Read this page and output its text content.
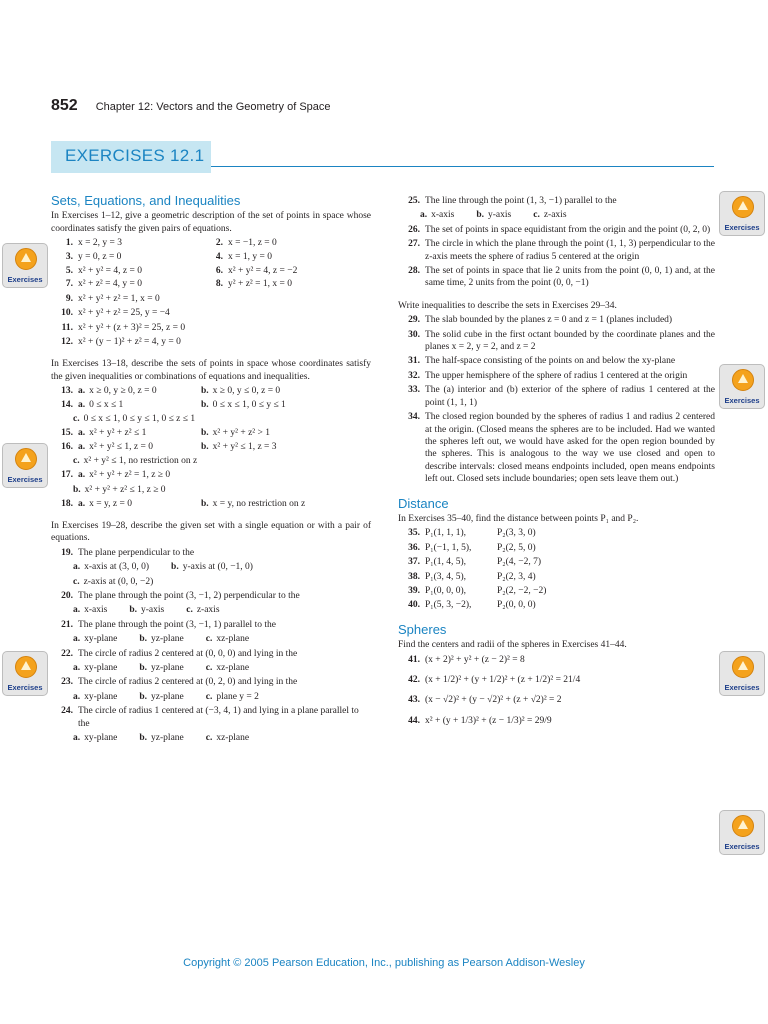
852 Chapter 12: Vectors and the Geometry of Space
EXERCISES 12.1
Exercises
Exercises
Exercises
Exercises
Exercises
Exercises
Exercises
Sets, Equations, and Inequalities
In Exercises 1–12, give a geometric description of the set of points in space whose coordinates satisfy the given pairs of equations.
1. x = 2, y = 3	2. x = −1, z = 0
3. y = 0, z = 0	4. x = 1, y = 0
5. x² + y² = 4, z = 0	6. x² + y² = 4, z = −2
7. x² + z² = 4, y = 0	8. y² + z² = 1, x = 0
9. x² + y² + z² = 1, x = 0
10. x² + y² + z² = 25, y = −4
11. x² + y² + (z + 3)² = 25, z = 0
12. x² + (y − 1)² + z² = 4, y = 0
In Exercises 13–18, describe the sets of points in space whose coordinates satisfy the given inequalities or combinations of equations and inequalities.
13. a. x ≥ 0, y ≥ 0, z = 0	b. x ≥ 0, y ≤ 0, z = 0
14. a. 0 ≤ x ≤ 1	b. 0 ≤ x ≤ 1, 0 ≤ y ≤ 1
c. 0 ≤ x ≤ 1, 0 ≤ y ≤ 1, 0 ≤ z ≤ 1
15. a. x² + y² + z² ≤ 1	b. x² + y² + z² > 1
16. a. x² + y² ≤ 1, z = 0	b. x² + y² ≤ 1, z = 3
c. x² + y² ≤ 1, no restriction on z
17. a. x² + y² + z² = 1, z ≥ 0
b. x² + y² + z² ≤ 1, z ≥ 0
18. a. x = y, z = 0	b. x = y, no restriction on z
In Exercises 19–28, describe the given set with a single equation or with a pair of equations.
19. The plane perpendicular to the
a. x-axis at (3, 0, 0) b. y-axis at (0, −1, 0)
c. z-axis at (0, 0, −2)
20. The plane through the point (3, −1, 2) perpendicular to the
a. x-axis b. y-axis c. z-axis
21. The plane through the point (3, −1, 1) parallel to the
a. xy-plane b. yz-plane c. xz-plane
22. The circle of radius 2 centered at (0, 0, 0) and lying in the
a. xy-plane b. yz-plane c. xz-plane
23. The circle of radius 2 centered at (0, 2, 0) and lying in the
a. xy-plane b. yz-plane c. plane y = 2
24. The circle of radius 1 centered at (−3, 4, 1) and lying in a plane parallel to the
a. xy-plane b. yz-plane c. xz-plane
25. The line through the point (1, 3, −1) parallel to the
a. x-axis b. y-axis c. z-axis
26. The set of points in space equidistant from the origin and the point (0, 2, 0)
27. The circle in which the plane through the point (1, 1, 3) perpendicular to the z-axis meets the sphere of radius 5 centered at the origin
28. The set of points in space that lie 2 units from the point (0, 0, 1) and, at the same time, 2 units from the point (0, 0, −1)
Write inequalities to describe the sets in Exercises 29–34.
29. The slab bounded by the planes z = 0 and z = 1 (planes included)
30. The solid cube in the first octant bounded by the coordinate planes and the planes x = 2, y = 2, and z = 2
31. The half-space consisting of the points on and below the xy-plane
32. The upper hemisphere of the sphere of radius 1 centered at the origin
33. The (a) interior and (b) exterior of the sphere of radius 1 centered at the point (1, 1, 1)
34. The closed region bounded by the spheres of radius 1 and radius 2 centered at the origin. (Closed means the spheres are to be included. Had we wanted the spheres left out, we would have asked for the open region bounded by the spheres. This is analogous to the way we use closed and open to describe intervals: closed means endpoints included, open means endpoints left out. Closed sets include boundaries; open sets leave them out.)
Distance
In Exercises 35–40, find the distance between points P₁ and P₂.
35. P₁(1, 1, 1),	P₂(3, 3, 0)
36. P₁(−1, 1, 5),	P₂(2, 5, 0)
37. P₁(1, 4, 5),	P₂(4, −2, 7)
38. P₁(3, 4, 5),	P₂(2, 3, 4)
39. P₁(0, 0, 0),	P₂(2, −2, −2)
40. P₁(5, 3, −2),	P₂(0, 0, 0)
Spheres
Find the centers and radii of the spheres in Exercises 41–44.
41. (x + 2)² + y² + (z − 2)² = 8
42. (x + 1/2)² + (y + 1/2)² + (z + 1/2)² = 21/4
43. (x − √2)² + (y − √2)² + (z + √2)² = 2
44. x² + (y + 1/3)² + (z − 1/3)² = 29/9
Copyright © 2005 Pearson Education, Inc., publishing as Pearson Addison-Wesley
